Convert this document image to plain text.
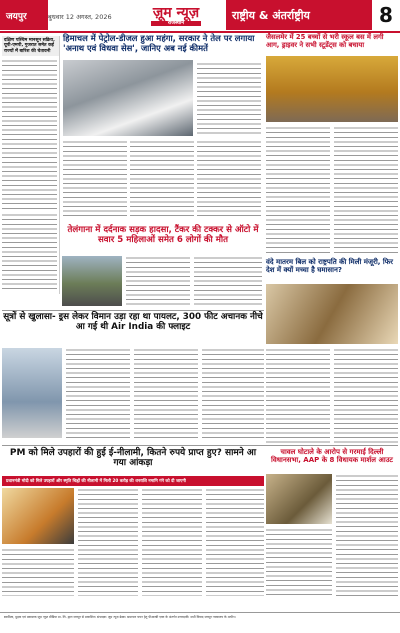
जयपुर	बुधवार 12 अगस्त, 2026	ज़ूम न्यूज़
राजस्थान
राष्ट्रीय & अंतर्राष्ट्रीय	8
दक्षिण पश्चिम मानसून सक्रिय, यूपी-एमपी, गुजरात समेत कई राज्यों में बारिश की चेतावनी
हिमाचल में पेट्रोल-डीजल हुआ महंगा, सरकार ने तेल पर लगाया 'अनाथ एवं विधवा सेस', जानिए अब नई कीमतें
जैसलमेर में 25 बच्चों से भरी स्कूल बस में लगी आग, ड्राइवर ने सभी स्टूडेंट्स को बचाया
तेलंगाना में दर्दनाक सड़क हादसा, टैंकर की टक्कर से ऑटो में सवार 5 महिलाओं समेत 6 लोगों की मौत
वंदे मातरम बिल को राष्ट्रपति की मिली मंजूरी, फिर देश में क्यों मच्चा है घमासान?
सूत्रों से खुलासा- इ्रस लेकर विमान उड़ा रहा था पायलट, 300 फीट अचानक नीचे आ गई थी Air India की फ्लाइट
PM को मिले उपहारों की हुई ई-नीलामी, कितने रुपये प्राप्त हुए? सामने आ गया आंकड़ा
प्रधानमंत्री मोदी को मिले उपहारों और स्मृति चिह्नों की नीलामी में मिली 20 करोड़ की धनराशि नमामि गंगे को दी जाएगी
चावल घोटाले के आरोप से गरमाई दिल्ली विधानसभा, AAP के 8 विधायक मार्शल आउट
स्वामित्व, मुद्रक एवं प्रकाशक ज़ूम न्यूज़ मीडिया प्रा. लि. द्वारा जयपुर से प्रकाशित। संपादक: ज़ूम न्यूज़ डेस्क। समाचार चयन हेतु पीआरबी एक्ट के अंतर्गत उत्तरदायी। सभी विवाद जयपुर न्यायालय के अधीन।
